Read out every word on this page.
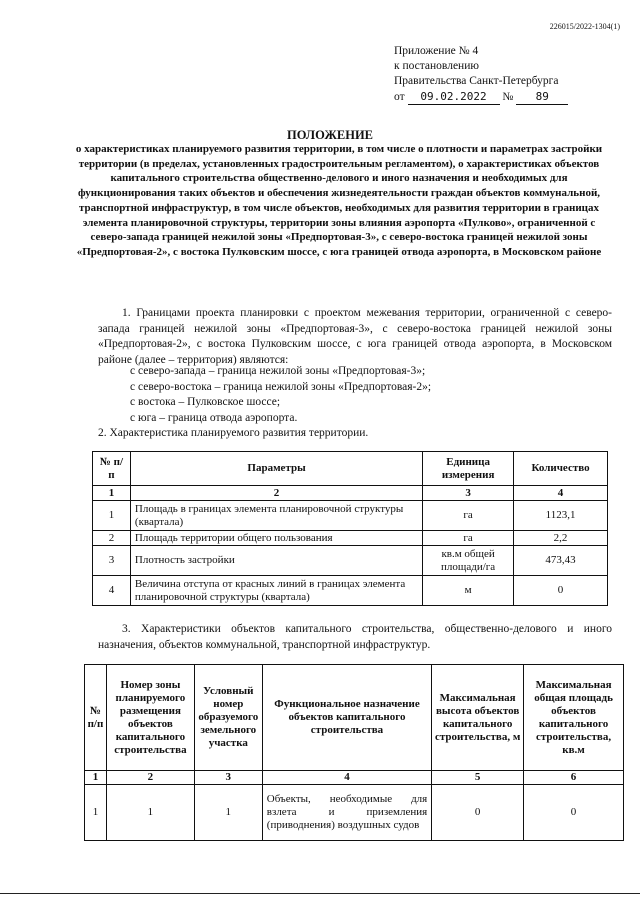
226015/2022-1304(1)
Приложение № 4
к постановлению
Правительства Санкт-Петербурга
от 09.02.2022 № 89
ПОЛОЖЕНИЕ
о характеристиках планируемого развития территории, в том числе о плотности и параметрах застройки территории (в пределах, установленных градостроительным регламентом), о характеристиках объектов капитального строительства общественно-делового и иного назначения и необходимых для функционирования таких объектов и обеспечения жизнедеятельности граждан объектов коммунальной, транспортной инфраструктур, в том числе объектов, необходимых для развития территории в границах элемента планировочной структуры, территории зоны влияния аэропорта «Пулково», ограниченной с северо-запада границей нежилой зоны «Предпортовая-3», с северо-востока границей нежилой зоны «Предпортовая-2», с востока Пулковским шоссе, с юга границей отвода аэропорта, в Московском районе
1. Границами проекта планировки с проектом межевания территории, ограниченной с северо-запада границей нежилой зоны «Предпортовая-3», с северо-востока границей нежилой зоны «Предпортовая-2», с востока Пулковским шоссе, с юга границей отвода аэропорта, в Московском районе (далее – территория) являются:
с северо-запада – граница нежилой зоны «Предпортовая-3»;
с северо-востока – граница нежилой зоны «Предпортовая-2»;
с востока – Пулковское шоссе;
с юга – граница отвода аэропорта.
2. Характеристика планируемого развития территории.
№ п/п	Параметры	Единица измерения	Количество
1	2	3	4
1	Площадь в границах элемента планировочной структуры (квартала)	га	1123,1
2	Площадь территории общего пользования	га	2,2
3	Плотность застройки	кв.м общей площади/га	473,43
4	Величина отступа от красных линий в границах элемента планировочной структуры (квартала)	м	0
3. Характеристики объектов капитального строительства, общественно-делового и иного назначения, объектов коммунальной, транспортной инфраструктур.
№ п/п	Номер зоны планируемого размещения объектов капитального строительства	Условный номер образуемого земельного участка	Функциональное назначение объектов капитального строительства	Максимальная высота объектов капитального строительства, м	Максимальная общая площадь объектов капитального строительства, кв.м
1	2	3	4	5	6
1	1	1	Объекты, необходимые для взлета и приземления (приводнения) воздушных судов	0	0
